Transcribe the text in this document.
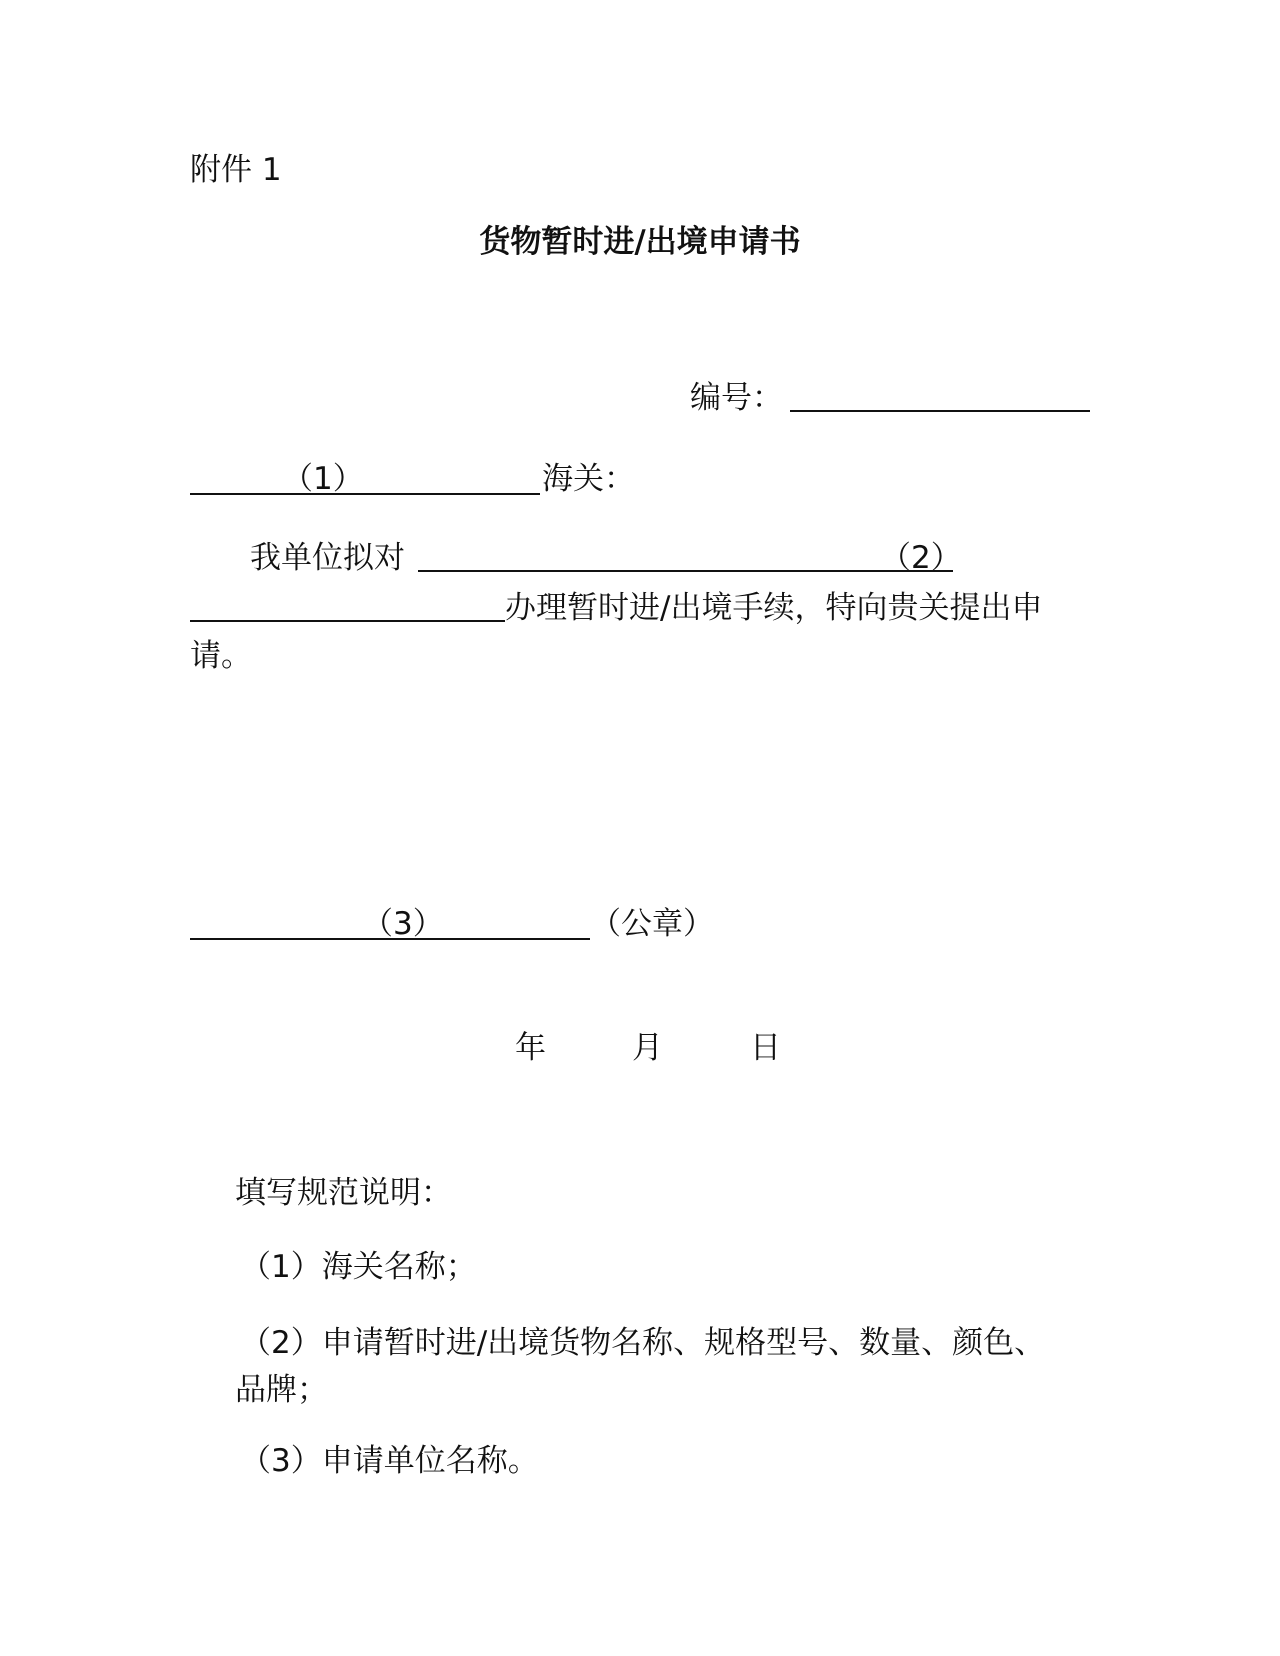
附件 1
货物暂时进/出境申请书
编号：
（1）	海关：
我单位拟对	（2）
办理暂时进/出境手续，特向贵关提出申
请。
（3）	（公章）
年	月	日
填写规范说明：
（1）海关名称；
（2）申请暂时进/出境货物名称、规格型号、数量、颜色、
品牌；
（3）申请单位名称。
